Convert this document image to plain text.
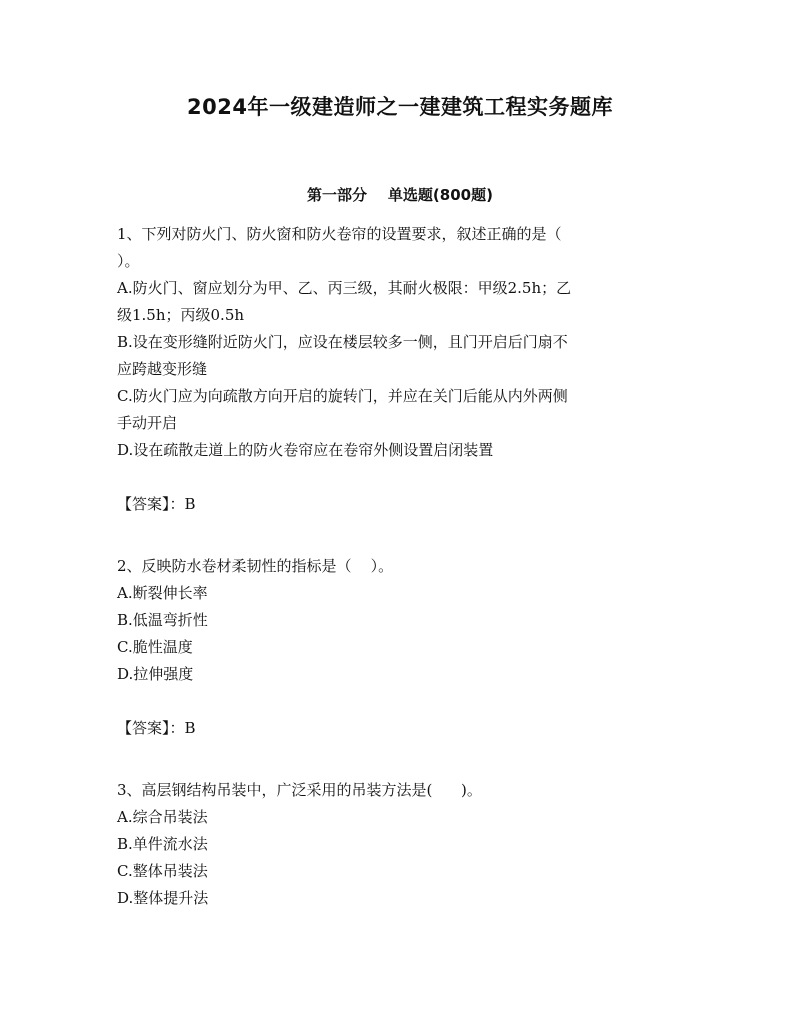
2024年一级建造师之一建建筑工程实务题库
第一部分    单选题(800题)
1、下列对防火门、防火窗和防火卷帘的设置要求，叙述正确的是（
）。
A.防火门、窗应划分为甲、乙、丙三级，其耐火极限：甲级2.5h；乙
级1.5h；丙级0.5h
B.设在变形缝附近防火门，应设在楼层较多一侧，且门开启后门扇不
应跨越变形缝
C.防火门应为向疏散方向开启的旋转门，并应在关门后能从内外两侧
手动开启
D.设在疏散走道上的防火卷帘应在卷帘外侧设置启闭装置
【答案】：B
2、反映防水卷材柔韧性的指标是（    ）。
A.断裂伸长率
B.低温弯折性
C.脆性温度
D.拉伸强度
【答案】：B
3、高层钢结构吊装中，广泛采用的吊装方法是(      )。
A.综合吊装法
B.单件流水法
C.整体吊装法
D.整体提升法
